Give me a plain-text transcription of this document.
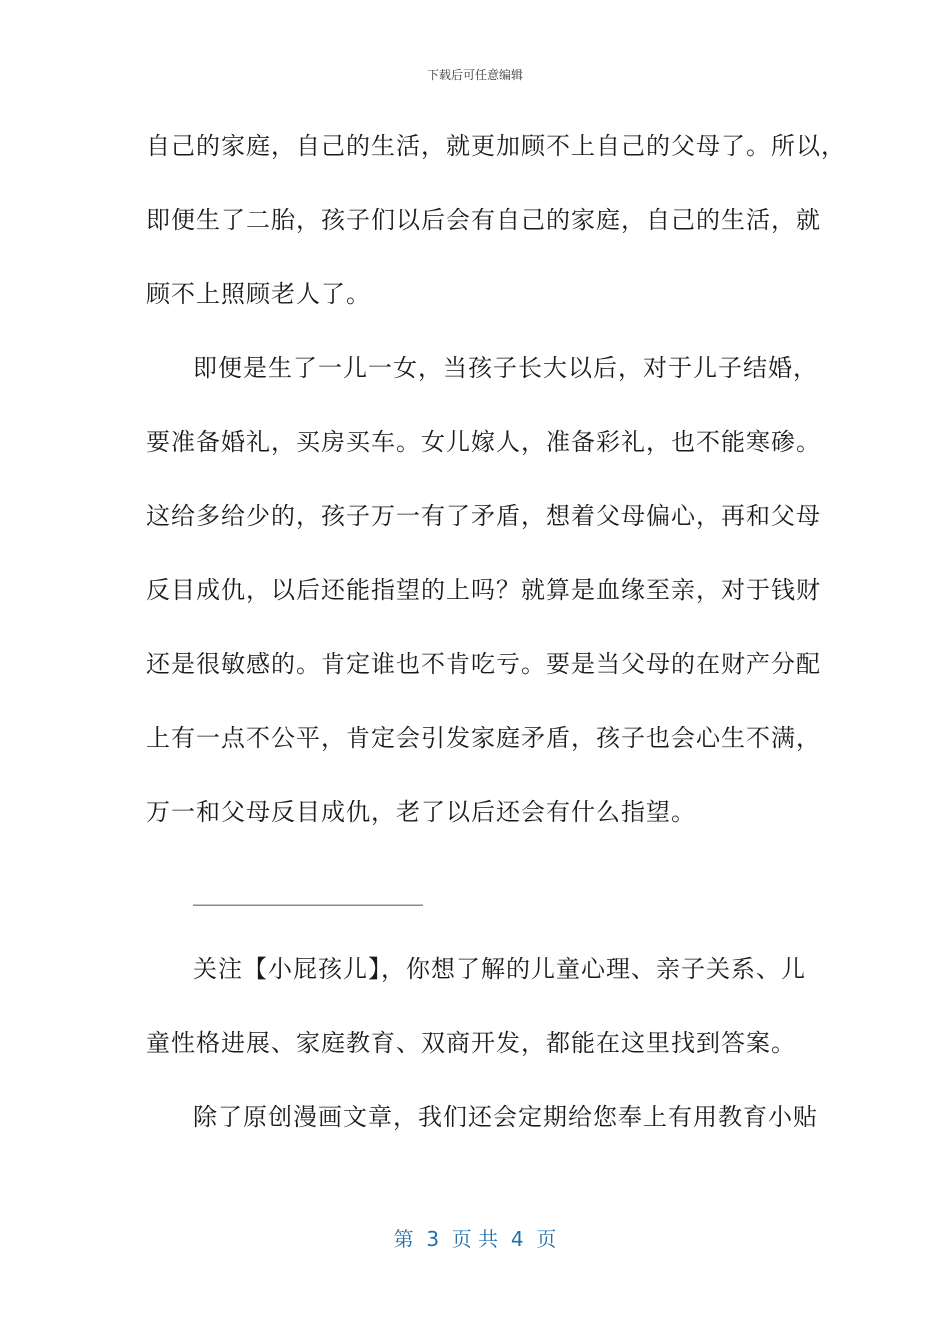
下载后可任意编辑
自己的家庭，自己的生活，就更加顾不上自己的父母了。所以，
即便生了二胎，孩子们以后会有自己的家庭，自己的生活，就
顾不上照顾老人了。
即便是生了一儿一女，当孩子长大以后，对于儿子结婚，
要准备婚礼，买房买车。女儿嫁人，准备彩礼，也不能寒碜。
这给多给少的，孩子万一有了矛盾，想着父母偏心，再和父母
反目成仇，以后还能指望的上吗？就算是血缘至亲，对于钱财
还是很敏感的。肯定谁也不肯吃亏。要是当父母的在财产分配
上有一点不公平，肯定会引发家庭矛盾，孩子也会心生不满，
万一和父母反目成仇，老了以后还会有什么指望。
_______________________
关注【小屁孩儿】，你想了解的儿童心理、亲子关系、儿
童性格进展、家庭教育、双商开发，都能在这里找到答案。
除了原创漫画文章，我们还会定期给您奉上有用教育小贴
第  3  页 共  4  页
